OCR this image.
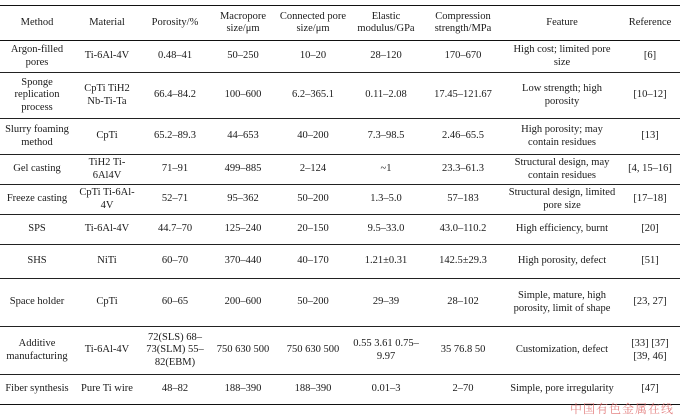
Method	Material	Porosity/%	Macropore size/μm	Connected pore size/μm	Elastic modulus/GPa	Compression strength/MPa	Feature	Reference
Argon-filled pores	Ti-6Al-4V	0.48–41	50–250	10–20	28–120	170–670	High cost; limited pore size	[6]
Sponge replication process	CpTi TiH2 Nb-Ti-Ta	66.4–84.2	100–600	6.2–365.1	0.11–2.08	17.45–121.67	Low strength; high porosity	[10–12]
Slurry foaming method	CpTi	65.2–89.3	44–653	40–200	7.3–98.5	2.46–65.5	High porosity; may contain residues	[13]
Gel casting	TiH2 Ti-6Al4V	71–91	499–885	2–124	~1	23.3–61.3	Structural design, may contain residues	[4, 15–16]
Freeze casting	CpTi Ti-6Al-4V	52–71	95–362	50–200	1.3–5.0	57–183	Structural design, limited pore size	[17–18]
SPS	Ti-6Al-4V	44.7–70	125–240	20–150	9.5–33.0	43.0–110.2	High efficiency, burnt	[20]
SHS	NiTi	60–70	370–440	40–170	1.21±0.31	142.5±29.3	High porosity, defect	[51]
Space holder	CpTi	60–65	200–600	50–200	29–39	28–102	Simple, mature, high porosity, limit of shape	[23, 27]
Additive manufacturing	Ti-6Al-4V	72(SLS) 68–73(SLM) 55–82(EBM)	750 630 500	750 630 500	0.55 3.61 0.75–9.97	35 76.8 50	Customization, defect	[33] [37] [39, 46]
Fiber synthesis	Pure Ti wire	48–82	188–390	188–390	0.01–3	2–70	Simple, pore irregularity	[47]
中国有色金属在线
